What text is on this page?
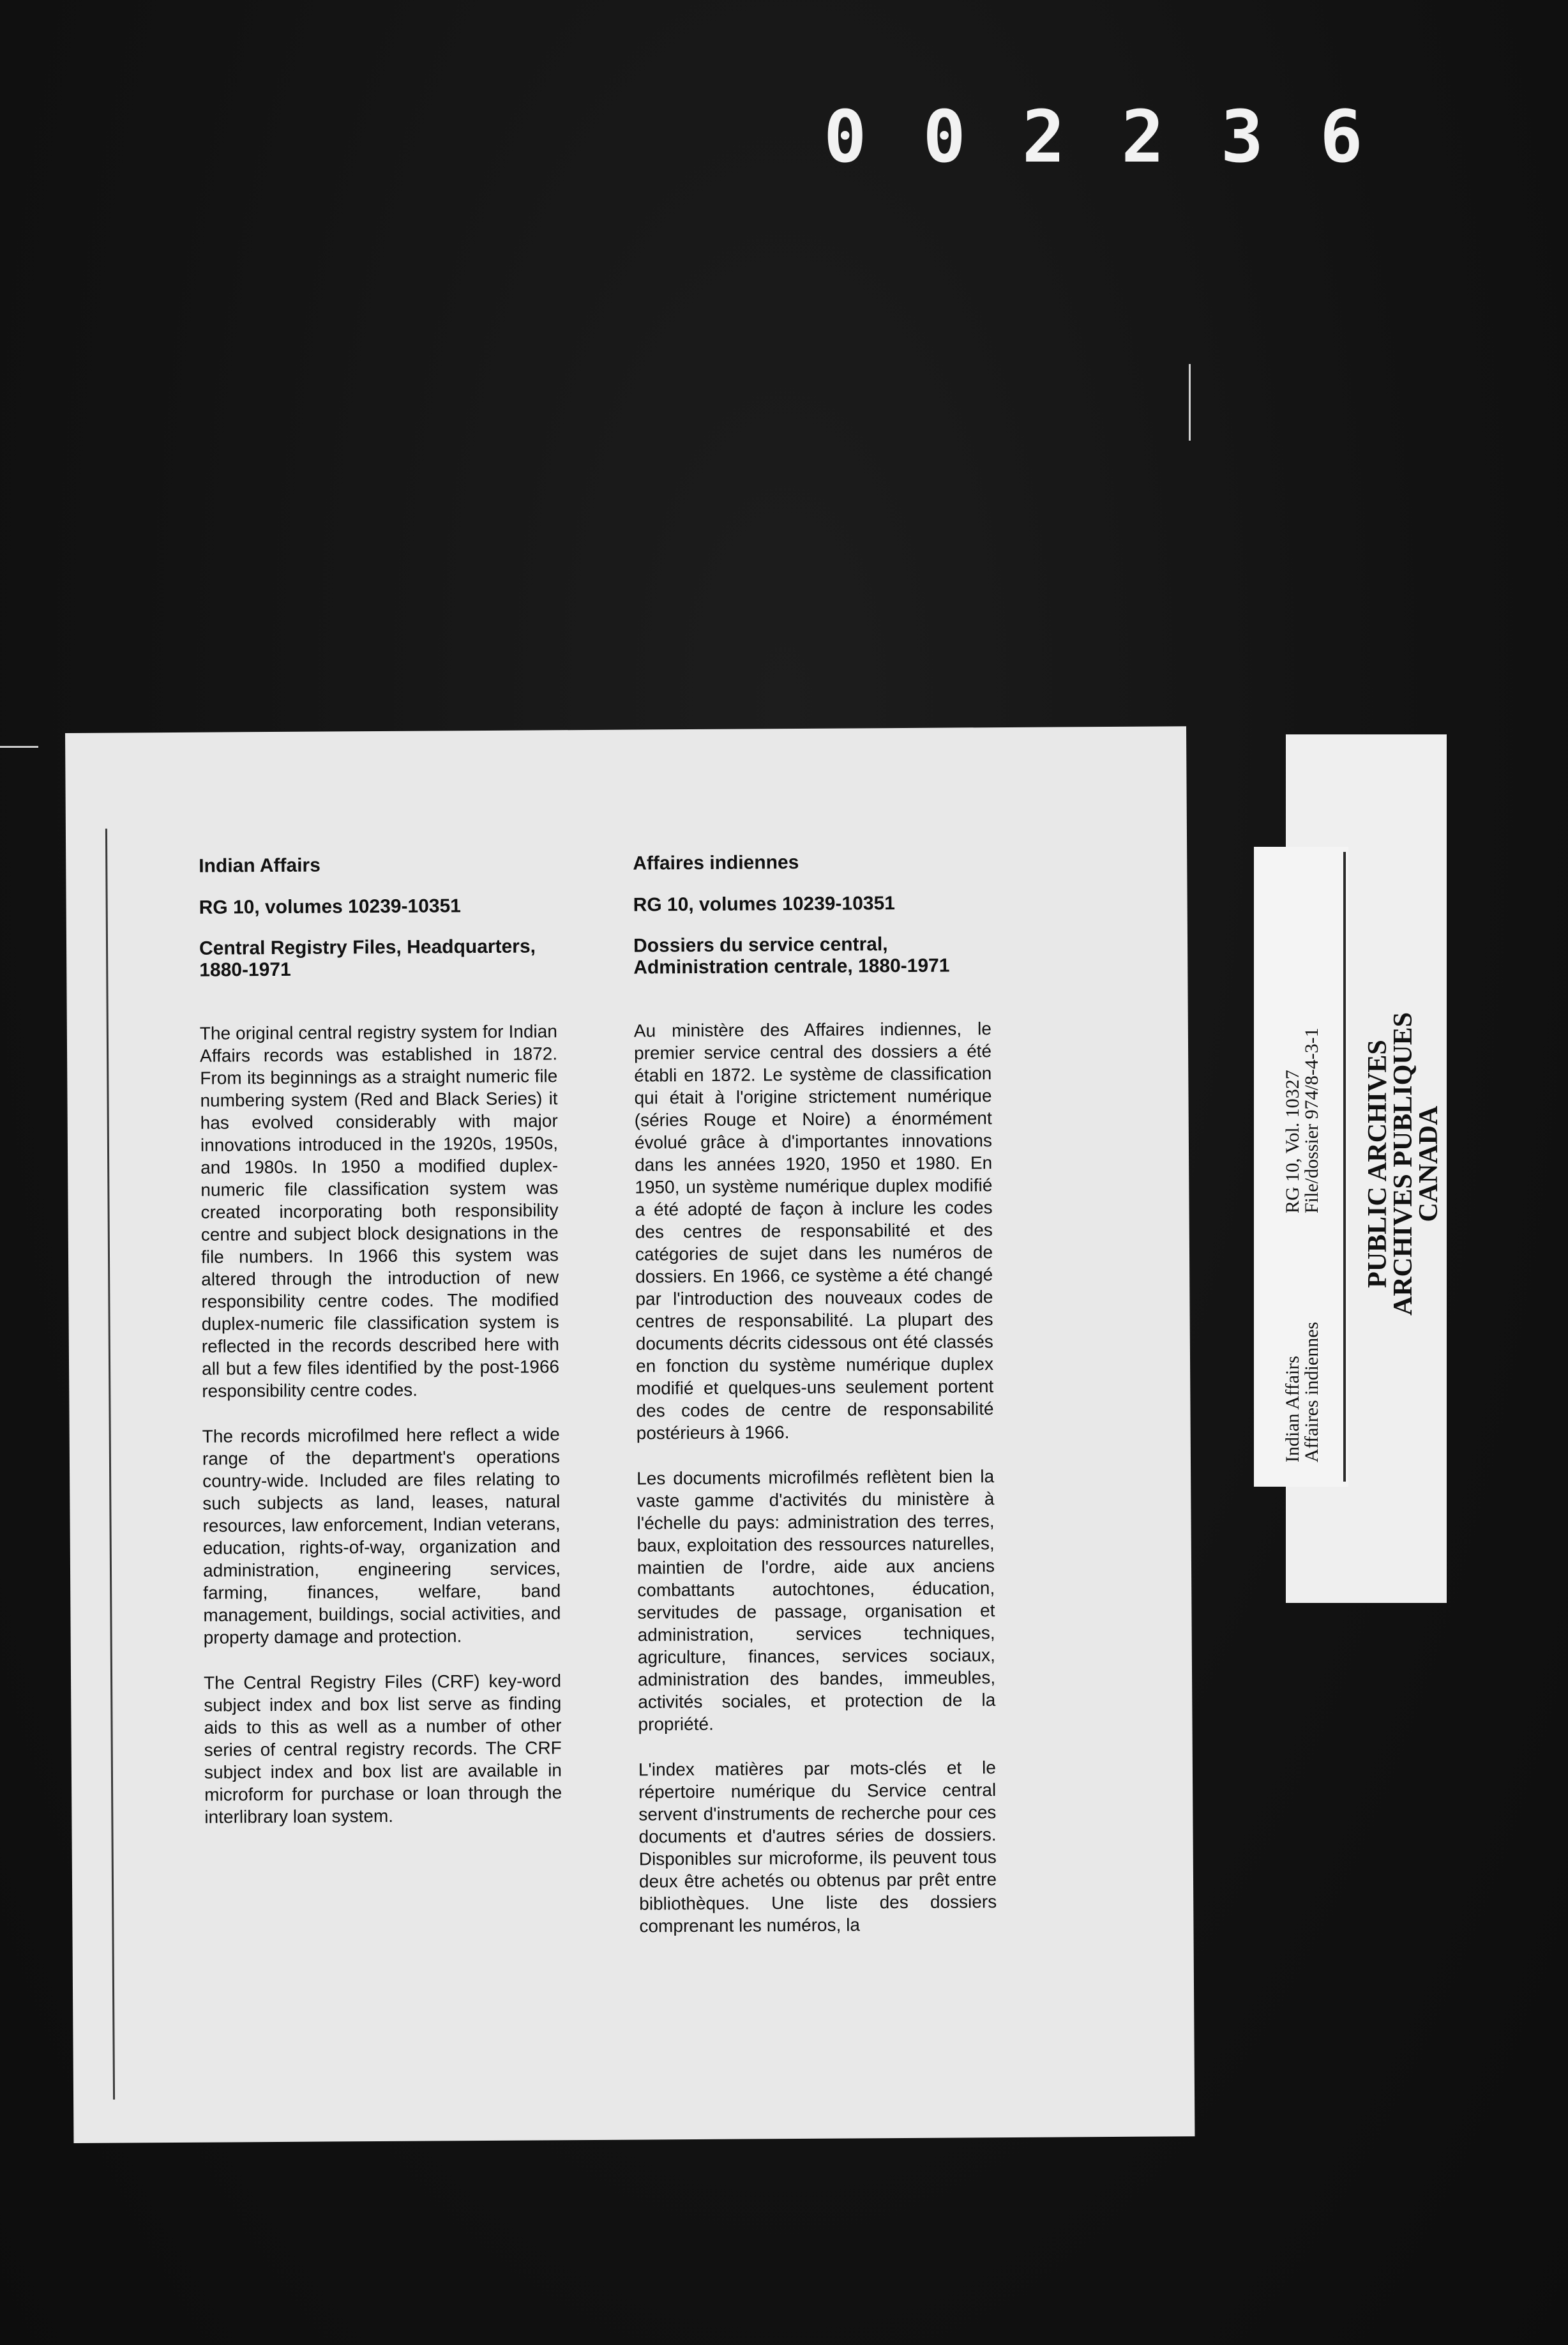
002236
Indian Affairs
RG 10, volumes 10239-10351
Central Registry Files, Headquarters,
1880-1971

The original central registry system for Indian Affairs records was established in 1872. From its beginnings as a straight numeric file numbering system (Red and Black Series) it has evolved considerably with major innovations introduced in the 1920s, 1950s, and 1980s. In 1950 a modified duplex-numeric file classification system was created incorporating both responsibility centre and subject block designations in the file numbers. In 1966 this system was altered through the introduction of new responsibility centre codes. The modified duplex-numeric file classification system is reflected in the records described here with all but a few files identified by the post-1966 responsibility centre codes.

The records microfilmed here reflect a wide range of the department's operations country-wide. Included are files relating to such subjects as land, leases, natural resources, law enforcement, Indian veterans, education, rights-of-way, organization and administration, engineering services, farming, finances, welfare, band management, buildings, social activities, and property damage and protection.

The Central Registry Files (CRF) key-word subject index and box list serve as finding aids to this as well as a number of other series of central registry records. The CRF subject index and box list are available in microform for purchase or loan through the interlibrary loan system.

Affaires indiennes
RG 10, volumes 10239-10351
Dossiers du service central,
Administration centrale, 1880-1971

Au ministère des Affaires indiennes, le premier service central des dossiers a été établi en 1872. Le système de classification qui était à l'origine strictement numérique (séries Rouge et Noire) a énormément évolué grâce à d'importantes innovations dans les années 1920, 1950 et 1980. En 1950, un système numérique duplex modifié a été adopté de façon à inclure les codes des centres de responsabilité et des catégories de sujet dans les numéros de dossiers. En 1966, ce système a été changé par l'introduction des nouveaux codes de centres de responsabilité. La plupart des documents décrits cidessous ont été classés en fonction du système numérique duplex modifié et quelques-uns seulement portent des codes de centre de responsabilité postérieurs à 1966.

Les documents microfilmés reflètent bien la vaste gamme d'activités du ministère à l'échelle du pays: administration des terres, baux, exploitation des ressources naturelles, maintien de l'ordre, aide aux anciens combattants autochtones, éducation, servitudes de passage, organisation et administration, services techniques, agriculture, finances, services sociaux, administration des bandes, immeubles, activités sociales, et protection de la propriété.

L'index matières par mots-clés et le répertoire numérique du Service central servent d'instruments de recherche pour ces documents et d'autres séries de dossiers. Disponibles sur microforme, ils peuvent tous deux être achetés ou obtenus par prêt entre bibliothèques. Une liste des dossiers comprenant les numéros, la

Indian Affairs
Affaires indiennes
RG 10, Vol. 10327
File/dossier 974/8-4-3-1 PUBLIC ARCHIVES
ARCHIVES PUBLIQUES
CANADA
